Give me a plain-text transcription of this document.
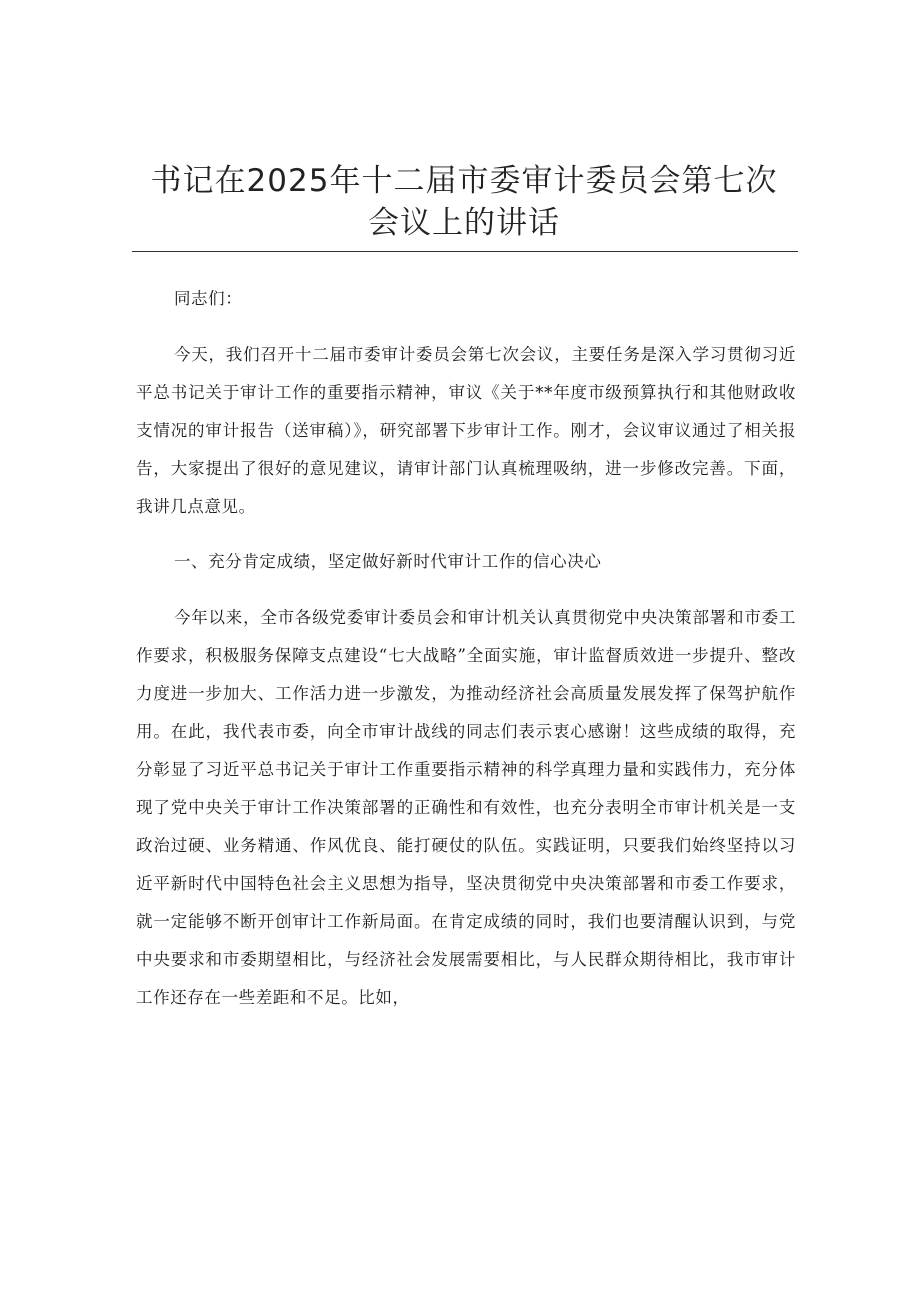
书记在2025年十二届市委审计委员会第七次
会议上的讲话

同志们：

今天，我们召开十二届市委审计委员会第七次会议，主要任务是深入学习贯彻习近平总书记关于审计工作的重要指示精神，审议《关于**年度市级预算执行和其他财政收支情况的审计报告（送审稿）》，研究部署下步审计工作。刚才，会议审议通过了相关报告，大家提出了很好的意见建议，请审计部门认真梳理吸纳，进一步修改完善。下面，我讲几点意见。

一、充分肯定成绩，坚定做好新时代审计工作的信心决心

今年以来，全市各级党委审计委员会和审计机关认真贯彻党中央决策部署和市委工作要求，积极服务保障支点建设“七大战略”全面实施，审计监督质效进一步提升、整改力度进一步加大、工作活力进一步激发，为推动经济社会高质量发展发挥了保驾护航作用。在此，我代表市委，向全市审计战线的同志们表示衷心感谢！这些成绩的取得，充分彰显了习近平总书记关于审计工作重要指示精神的科学真理力量和实践伟力，充分体现了党中央关于审计工作决策部署的正确性和有效性，也充分表明全市审计机关是一支政治过硬、业务精通、作风优良、能打硬仗的队伍。实践证明，只要我们始终坚持以习近平新时代中国特色社会主义思想为指导，坚决贯彻党中央决策部署和市委工作要求，就一定能够不断开创审计工作新局面。在肯定成绩的同时，我们也要清醒认识到，与党中央要求和市委期望相比，与经济社会发展需要相比，与人民群众期待相比，我市审计工作还存在一些差距和不足。比如，
